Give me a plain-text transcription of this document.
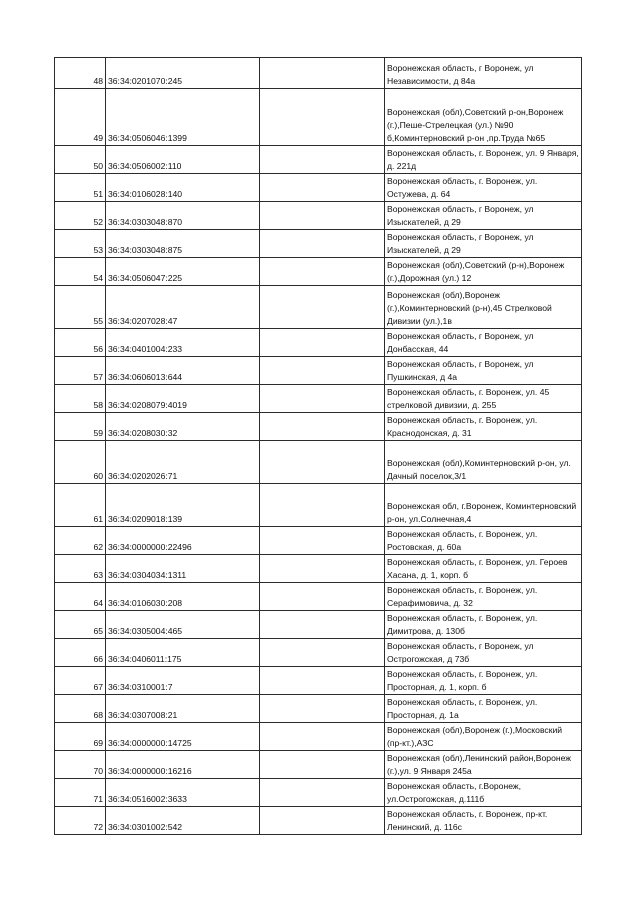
48	36:34:0201070:245		Воронежская область, г Воронеж, ул Независимости, д 84а
49	36:34:0506046:1399		Воронежская (обл),Советский р-он,Воронеж (г.),Пеше-Стрелецкая (ул.) №90 б,Коминтерновский р-он ,пр.Труда №65
50	36:34:0506002:110		Воронежская область, г. Воронеж, ул. 9 Января, д. 221д
51	36:34:0106028:140		Воронежская область, г. Воронеж, ул. Остужева, д. 64
52	36:34:0303048:870		Воронежская область, г Воронеж, ул Изыскателей, д 29
53	36:34:0303048:875		Воронежская область, г Воронеж, ул Изыскателей, д 29
54	36:34:0506047:225		Воронежская (обл),Советский (р-н),Воронеж (г.),Дорожная (ул.) 12
55	36:34:0207028:47		Воронежская (обл),Воронеж (г.),Коминтерновский (р-н),45 Стрелковой Дивизии (ул.),1в
56	36:34:0401004:233		Воронежская область, г Воронеж, ул Донбасская, 44
57	36:34:0606013:644		Воронежская область, г Воронеж, ул Пушкинская, д 4а
58	36:34:0208079:4019		Воронежская область, г. Воронеж, ул. 45 стрелковой дивизии, д. 255
59	36:34:0208030:32		Воронежская область, г. Воронеж, ул. Краснодонская, д. 31
60	36:34:0202026:71		Воронежская (обл),Коминтерновский р-он, ул. Дачный поселок,3/1
61	36:34:0209018:139		Воронежская обл, г.Воронеж, Коминтерновский р-он, ул.Солнечная,4
62	36:34:0000000:22496		Воронежская область, г. Воронеж, ул. Ростовская, д. 60а
63	36:34:0304034:1311		Воронежская область, г. Воронеж, ул. Героев Хасана, д. 1, корп. б
64	36:34:0106030:208		Воронежская область, г. Воронеж, ул. Серафимовича, д. 32
65	36:34:0305004:465		Воронежская область, г. Воронеж, ул. Димитрова, д. 130б
66	36:34:0406011:175		Воронежская область, г Воронеж, ул Острогожская, д 73б
67	36:34:0310001:7		Воронежская область, г. Воронеж, ул. Просторная, д. 1, корп. б
68	36:34:0307008:21		Воронежская область, г. Воронеж, ул. Просторная, д. 1а
69	36:34:0000000:14725		Воронежская (обл),Воронеж (г.),Московский (пр-кт.),АЗС
70	36:34:0000000:16216		Воронежская (обл),Ленинский район,Воронеж (г.),ул. 9 Января 245а
71	36:34:0516002:3633		Воронежская область, г.Воронеж, ул.Острогожская, д.111б
72	36:34:0301002:542		Воронежская область, г. Воронеж, пр-кт. Ленинский, д. 116с
